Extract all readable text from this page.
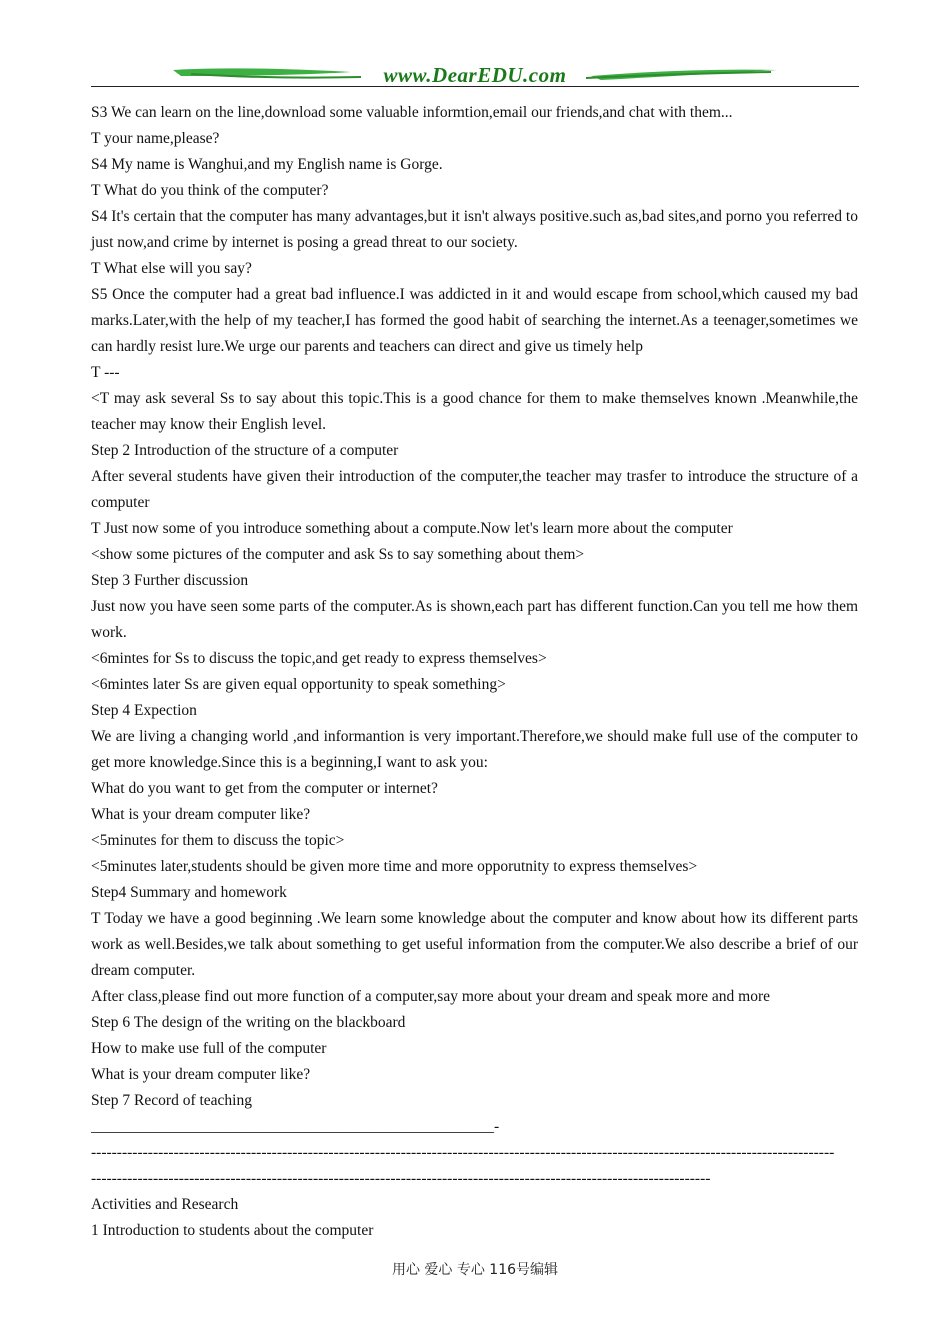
www.DearEDU.com

S3 We can learn on the line,download some valuable informtion,email our friends,and chat with them...

T your name,please?

S4 My name is Wanghui,and my English name is Gorge.

T What do you think of the computer?

S4 It's certain that the computer has many advantages,but it isn't always positive.such as,bad sites,and porno you referred to just now,and crime by internet is posing a gread threat to our society.

T What else will you say?

S5 Once the computer had a great bad influence.I was addicted in it and would escape from school,which caused my bad marks.Later,with the help of my teacher,I has formed the good habit of searching the internet.As a teenager,sometimes we can hardly resist lure.We urge our parents and teachers can direct and give us timely help

T ---

<T may ask several Ss to say about this topic.This is a good chance for them to make themselves known .Meanwhile,the teacher may know their English level.

Step 2 Introduction of the structure of a computer

After several students have given their introduction of the computer,the teacher may trasfer to introduce the structure of a computer

T Just now some of you introduce something about a compute.Now let's learn more about the computer

<show some pictures of the computer and ask Ss to say something about them>

Step 3 Further discussion

Just now you have seen some parts of the computer.As is shown,each part has different function.Can you tell me how them work.

<6mintes for Ss to discuss the topic,and get ready to express themselves>

<6mintes later Ss are given equal opportunity to speak something>

Step 4 Expection

We are living a changing world ,and informantion is very important.Therefore,we should make full use of the computer to get more knowledge.Since this is a beginning,I want to ask you:

What do you want to get from the computer or internet?

What is your dream computer like?

<5minutes for them to discuss the topic>

<5minutes later,students should be given more time and more opporutnity to express themselves>

Step4 Summary and homework

T Today we have a good beginning .We learn some knowledge about the computer and know about how its different parts work as well.Besides,we talk about something to get useful information from the computer.We also describe a brief of our dream computer.

After class,please find out more function of a computer,say more about your dream and speak more and more

Step 6 The design of the writing on the blackboard

How to make use full of the computer

What is your dream computer like?

Step 7 Record of teaching

____________________________________________________-

------------------------------------------------------------------------------------------------------------------------------------------------

------------------------------------------------------------------------------------------------------------------------

Activities and Research

1 Introduction to students about the computer

用心 爱心 专心 116号编辑
